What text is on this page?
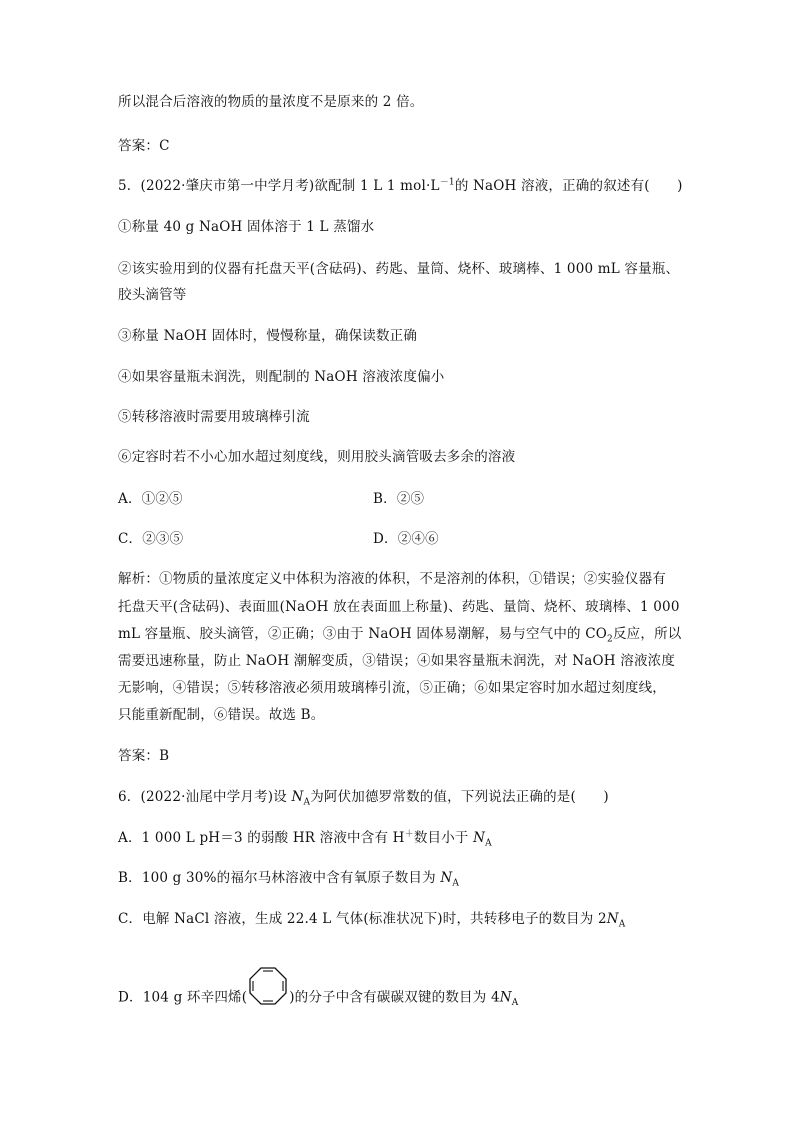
所以混合后溶液的物质的量浓度不是原来的 2 倍。
答案：C
5．(2022·肇庆市第一中学月考)欲配制 1 L 1 $mol\cdot L^{-1}$的 NaOH 溶液，正确的叙述有(　　)
①称量 40 g NaOH 固体溶于 1 L 蒸馏水
②该实验用到的仪器有托盘天平(含砝码)、药匙、量筒、烧杯、玻璃棒、1 000 mL 容量瓶、
胶头滴管等
③称量 NaOH 固体时，慢慢称量，确保读数正确
④如果容量瓶未润洗，则配制的 NaOH 溶液浓度偏小
⑤转移溶液时需要用玻璃棒引流
⑥定容时若不小心加水超过刻度线，则用胶头滴管吸去多余的溶液
A．①②⑤	B．②⑤
C．②③⑤	D．②④⑥
解析：①物质的量浓度定义中体积为溶液的体积，不是溶剂的体积，①错误；②实验仪器有
托盘天平(含砝码)、表面皿(NaOH 放在表面皿上称量)、药匙、量筒、烧杯、玻璃棒、1 000
mL 容量瓶、胶头滴管，②正确；③由于 NaOH 固体易潮解，易与空气中的 $CO_2$反应，所以
需要迅速称量，防止 NaOH 潮解变质，③错误；④如果容量瓶未润洗，对 NaOH 溶液浓度
无影响，④错误；⑤转移溶液必须用玻璃棒引流，⑤正确；⑥如果定容时加水超过刻度线，
只能重新配制，⑥错误。故选 B。
答案：B
6．(2022·汕尾中学月考)设 $N_A$为阿伏加德罗常数的值，下列说法正确的是(　　)
A．1 000 L pH＝3 的弱酸 HR 溶液中含有 H＋数目小于 $N_A$
B．100 g 30%的福尔马林溶液中含有氧原子数目为 $N_A$
C．电解 NaCl 溶液，生成 22.4 L 气体(标准状况下)时，共转移电子的数目为 $2N_A$
D．104 g 环辛四烯(	)的分子中含有碳碳双键的数目为 $4N_A$
